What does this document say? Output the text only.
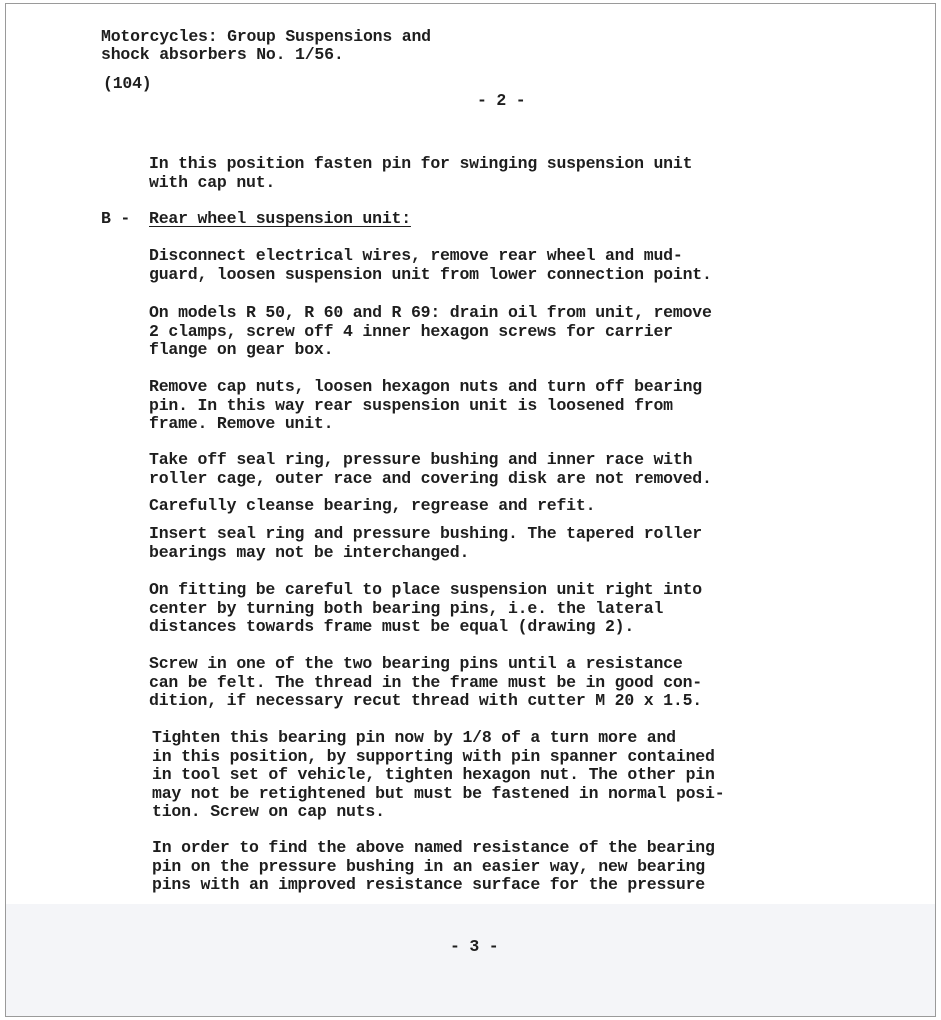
Motorcycles: Group Suspensions and
shock absorbers No. 1/56.
(104)
- 2 -
In this position fasten pin for swinging suspension unit
with cap nut.
B - Rear wheel suspension unit:
Disconnect electrical wires, remove rear wheel and mud-
guard, loosen suspension unit from lower connection point.
On models R 50, R 60 and R 69: drain oil from unit, remove
2 clamps, screw off 4 inner hexagon screws for carrier
flange on gear box.
Remove cap nuts, loosen hexagon nuts and turn off bearing
pin. In this way rear suspension unit is loosened from
frame. Remove unit.
Take off seal ring, pressure bushing and inner race with
roller cage, outer race and covering disk are not removed.
Carefully cleanse bearing, regrease and refit.
Insert seal ring and pressure bushing. The tapered roller
bearings may not be interchanged.
On fitting be careful to place suspension unit right into
center by turning both bearing pins, i.e. the lateral
distances towards frame must be equal (drawing 2).
Screw in one of the two bearing pins until a resistance
can be felt. The thread in the frame must be in good con-
dition, if necessary recut thread with cutter M 20 x 1.5.
Tighten this bearing pin now by 1/8 of a turn more and
in this position, by supporting with pin spanner contained
in tool set of vehicle, tighten hexagon nut. The other pin
may not be retightened but must be fastened in normal posi-
tion. Screw on cap nuts.
In order to find the above named resistance of the bearing
pin on the pressure bushing in an easier way, new bearing
pins with an improved resistance surface for the pressure
- 3 -
